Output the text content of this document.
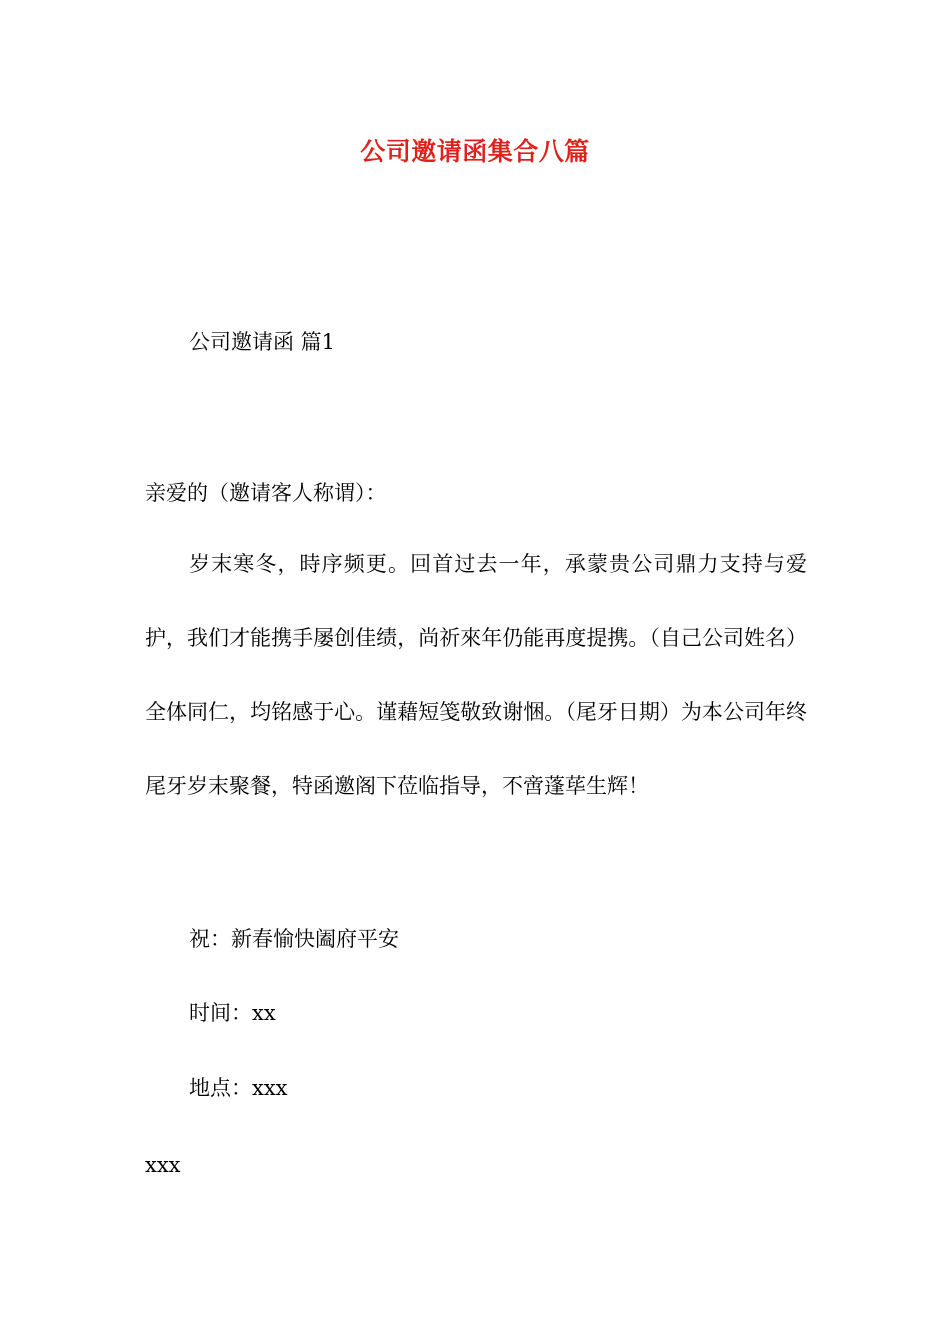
公司邀请函集合八篇
公司邀请函 篇1
亲爱的（邀请客人称谓）：
岁末寒冬，時序频更。回首过去一年，承蒙贵公司鼎力支持与爱护，我们才能携手屡创佳绩，尚祈來年仍能再度提携。（自己公司姓名）全体同仁，均铭感于心。谨藉短笺敬致谢悃。（尾牙日期）为本公司年终尾牙岁末聚餐，特函邀阁下莅临指导，不啻蓬荜生辉！
祝：新春愉快阖府平安
时间：xx
地点：xxx
xxx
